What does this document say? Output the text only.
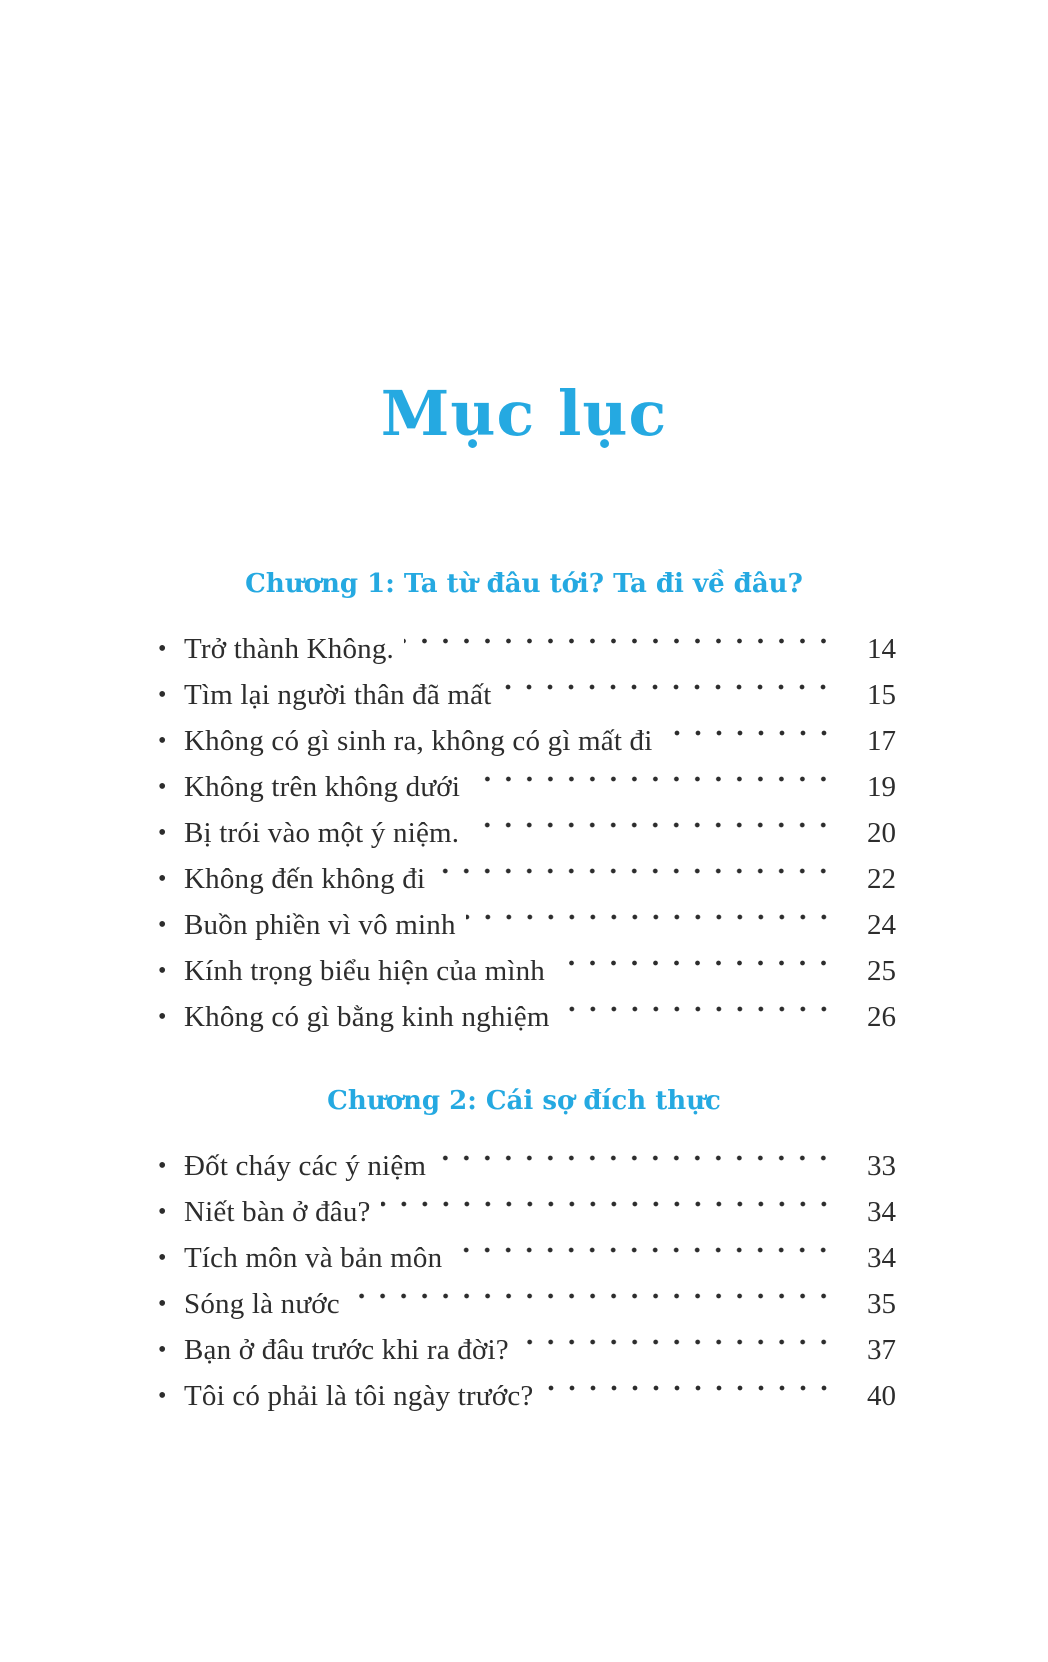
Mục lục
Chương 1: Ta từ đâu tới? Ta đi về đâu?
• Trở thành Không.	14
• Tìm lại người thân đã mất	15
• Không có gì sinh ra, không có gì mất đi	17
• Không trên không dưới	19
• Bị trói vào một ý niệm.	20
• Không đến không đi	22
• Buồn phiền vì vô minh	24
• Kính trọng biểu hiện của mình	25
• Không có gì bằng kinh nghiệm	26
Chương 2: Cái sợ đích thực
• Đốt cháy các ý niệm	33
• Niết bàn ở đâu?	34
• Tích môn và bản môn	34
• Sóng là nước	35
• Bạn ở đâu trước khi ra đời?	37
• Tôi có phải là tôi ngày trước?	40
